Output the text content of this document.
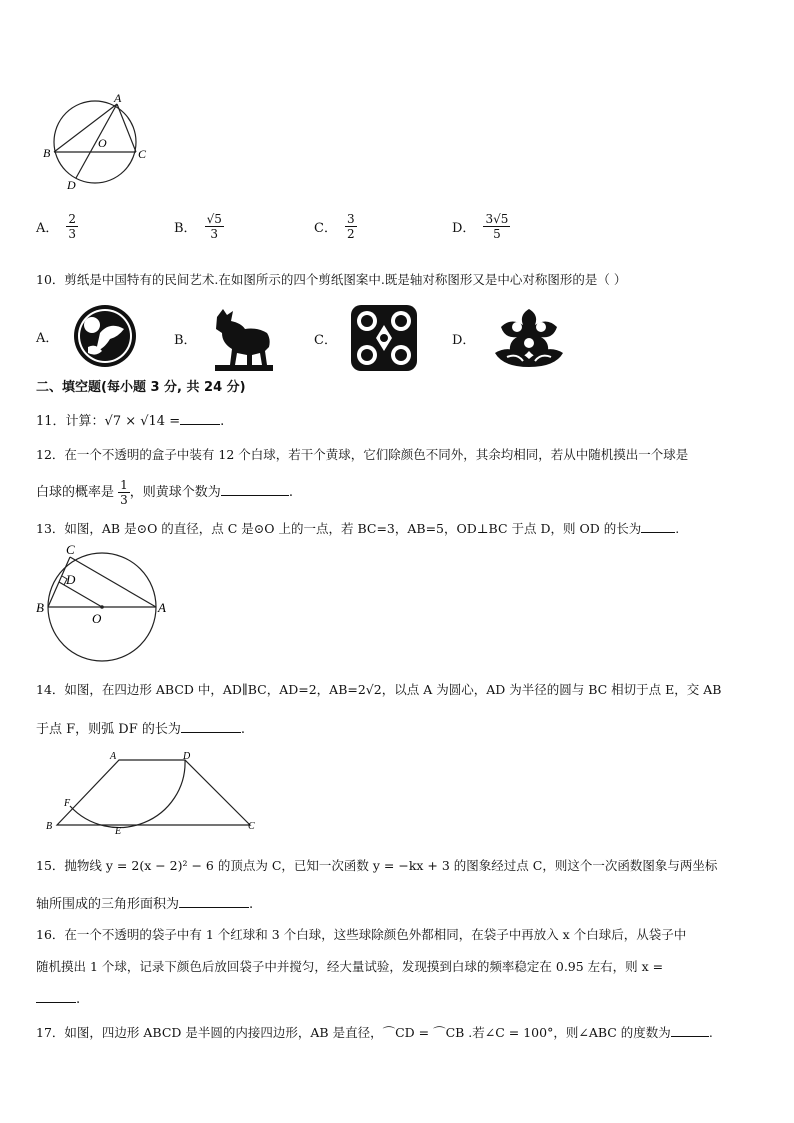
A
B	C
O
D
A． $\frac{2}{3}$	B． $\frac{√5}{3}$	C． $\frac{3}{2}$	D． $\frac{3√5}{5}$
10．剪纸是中国特有的民间艺术.在如图所示的四个剪纸图案中.既是轴对称图形又是中心对称图形的是（ ）
A．	B．	C．	D．
二、填空题(每小题 3 分, 共 24 分)
11．计算：√7 × √14 =	.
12．在一个不透明的盒子中装有 12 个白球，若干个黄球，它们除颜色不同外，其余均相同，若从中随机摸出一个球是
白球的概率是 $\frac{1}{3}$ ，则黄球个数为	.
13．如图，AB 是⊙O 的直径，点 C 是⊙O 上的一点，若 BC=3，AB=5，OD⊥BC 于点 D，则 OD 的长为	.
C
D
B
O
A
14．如图，在四边形 ABCD 中，AD∥BC，AD=2，AB=2√2，以点 A 为圆心，AD 为半径的圆与 BC 相切于点 E，交 AB
于点 F，则弧 DF 的长为	.
A	D
F
B	E	C
15．抛物线 y = 2(x − 2)² − 6 的顶点为 C，已知一次函数 y = −kx + 3 的图象经过点 C，则这个一次函数图象与两坐标
轴所围成的三角形面积为	.
16．在一个不透明的袋子中有 1 个红球和 3 个白球，这些球除颜色外都相同，在袋子中再放入 x 个白球后，从袋子中
随机摸出 1 个球，记录下颜色后放回袋子中并搅匀，经大量试验，发现摸到白球的频率稳定在 0.95 左右，则 x =
.
17．如图，四边形 ABCD 是半圆的内接四边形，AB 是直径，⌒CD = ⌒CB .若∠C = 100°，则∠ABC 的度数为	.
